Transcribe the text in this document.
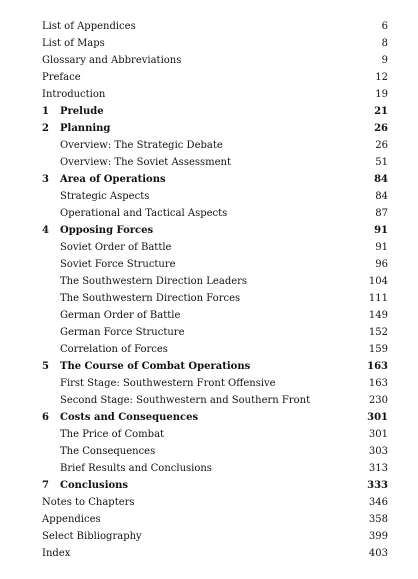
List of Appendices	6
List of Maps	8
Glossary and Abbreviations	9
Preface	12
Introduction	19
1	Prelude	21
2	Planning	26
Overview: The Strategic Debate	26
Overview: The Soviet Assessment	51
3	Area of Operations	84
Strategic Aspects	84
Operational and Tactical Aspects	87
4	Opposing Forces	91
Soviet Order of Battle	91
Soviet Force Structure	96
The Southwestern Direction Leaders	104
The Southwestern Direction Forces	111
German Order of Battle	149
German Force Structure	152
Correlation of Forces	159
5	The Course of Combat Operations	163
First Stage: Southwestern Front Offensive	163
Second Stage: Southwestern and Southern Front	230
6	Costs and Consequences	301
The Price of Combat	301
The Consequences	303
Brief Results and Conclusions	313
7	Conclusions	333
Notes to Chapters	346
Appendices	358
Select Bibliography	399
Index	403
